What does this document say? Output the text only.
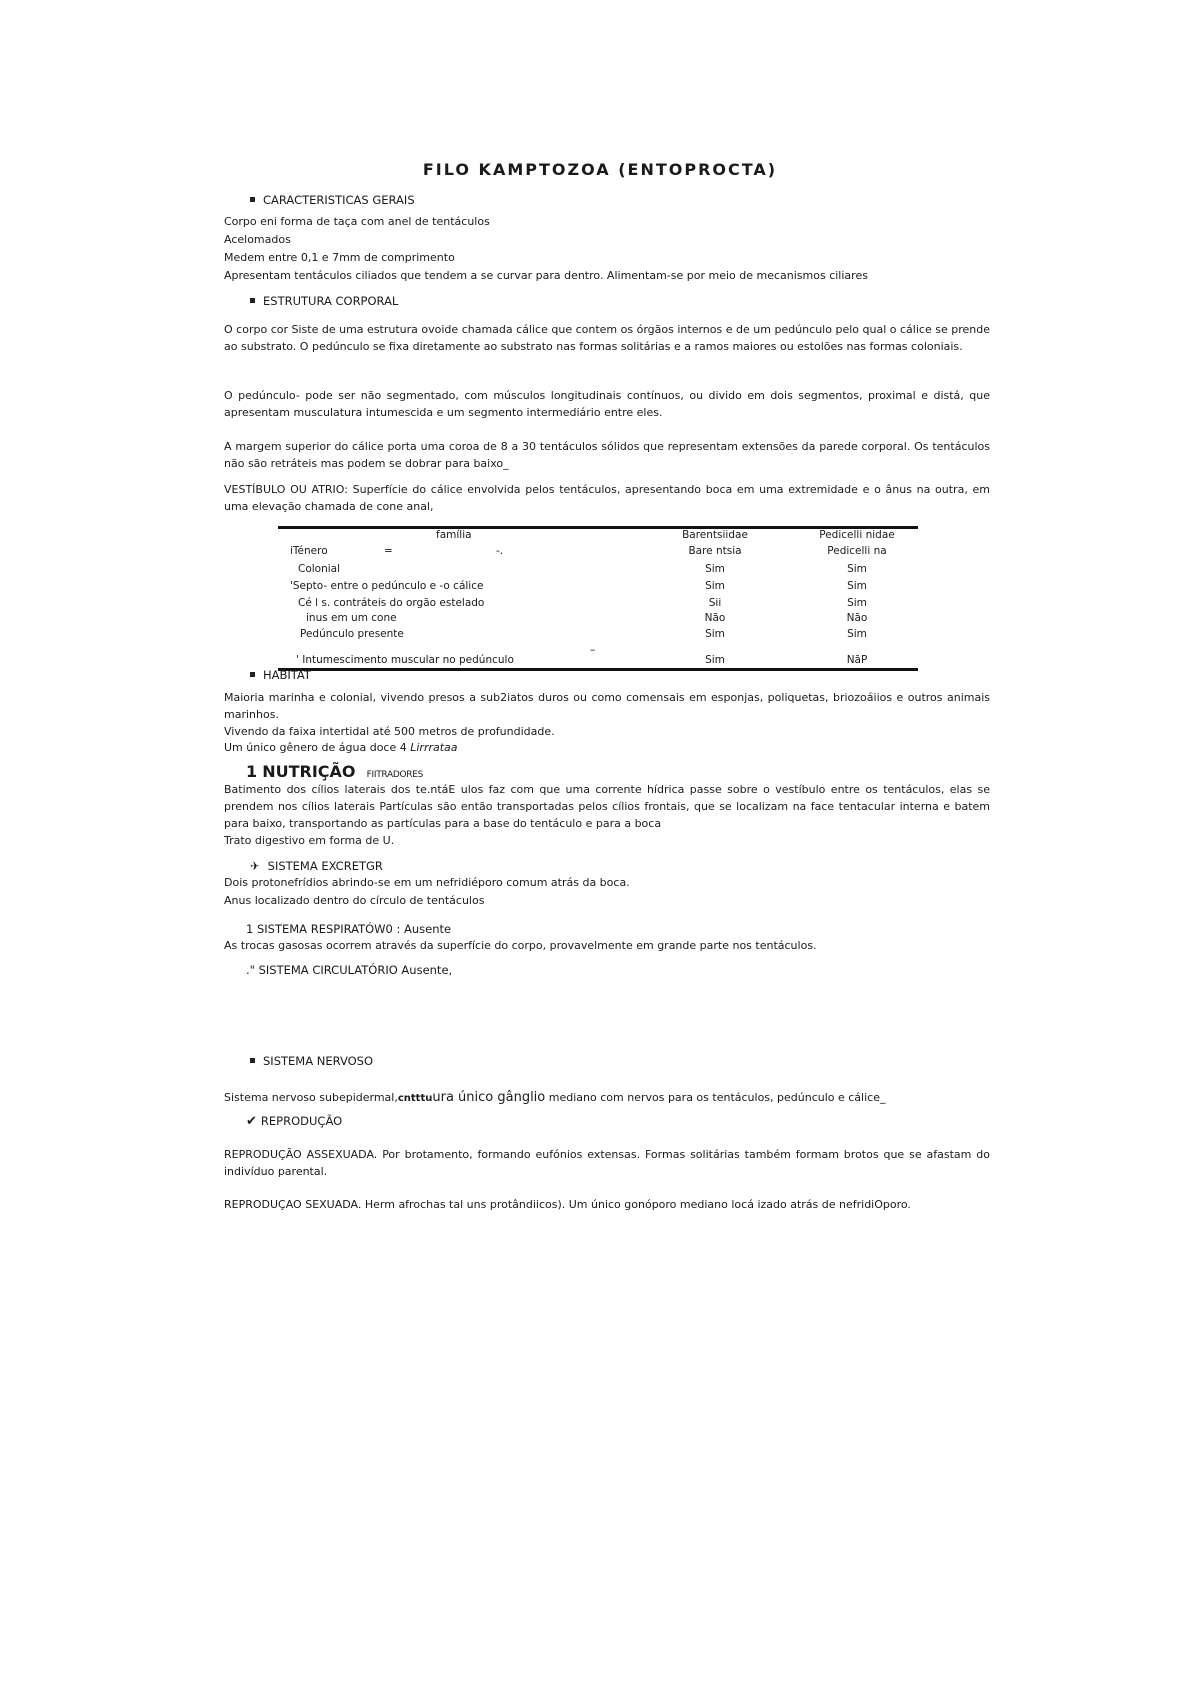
FILO KAMPTOZOA (ENTOPROCTA)
CARACTERISTICAS GERAIS
Corpo eni forma de taça com anel de tentáculos
Acelomados
Medem entre 0,1 e 7mm de comprimento
Apresentam tentáculos ciliados que tendem a se curvar para dentro. Alimentam-se por meio de mecanismos ciliares
ESTRUTURA CORPORAL
O corpo cor Siste de uma estrutura ovoide chamada cálice que contem os órgãos internos e de um pedúnculo pelo qual o cálice se prende ao substrato. O pedúnculo se fixa diretamente ao substrato nas formas solitárias e a ramos maiores ou estolões nas formas coloniais.
O pedúnculo- pode ser não segmentado, com músculos longitudinais contínuos, ou divido em dois segmentos, proximal e distá, que apresentam musculatura intumescida e um segmento intermediário entre eles.
A margem superior do cálice porta uma coroa de 8 a 30 tentáculos sólidos que representam extensões da parede corporal. Os tentáculos não são retráteis mas podem se dobrar para baixo_
VESTÍBULO OU ATRIO: Superfície do cálice envolvida pelos tentáculos, apresentando boca em uma extremidade e o ânus na outra, em uma elevação chamada de cone anal,
família	Barentsiidae	Pedicelli nidae
iTénero	=	-.	Bare ntsia	Pedicelli na
Colonial	Sim	Sim
'Septo- entre o pedúnculo e -o cálice	Sim	Sim
Cé l s. contráteis do orgão estelado	Sii	Sim
inus em um cone	Não	Não
Pedúnculo presente	Sim	Sim
–
' Intumescimento muscular no pedúnculo	Sim	NãP
HABITAT
Maioria marinha e colonial, vivendo presos a sub2iatos duros ou como comensais em esponjas, poliquetas, briozoáiios e outros animais marinhos.
Vivendo da faixa intertidal até 500 metros de profundidade.
Um único gênero de água doce 4 Lirrrataa
1 NUTRIÇÃO FIITRADORES
Batimento dos cílios laterais dos te.ntáE ulos faz com que uma corrente hídrica passe sobre o vestíbulo entre os tentáculos, elas se prendem nos cílios laterais Partículas são então transportadas pelos cílios frontais, que se localizam na face tentacular interna e batem para baixo, transportando as partículas para a base do tentáculo e para a boca
Trato digestivo em forma de U.
✈ SISTEMA EXCRETGR
Dois protonefrídios abrindo-se em um nefridiéporo comum atrás da boca.
Anus localizado dentro do círculo de tentáculos
1 SISTEMA RESPIRATÓW0 : Ausente
As trocas gasosas ocorrem através da superfície do corpo, provavelmente em grande parte nos tentáculos.
." SISTEMA CIRCULATÓRIO Ausente,
SISTEMA NERVOSO
Sistema nervoso subepidermal,cntttuura único gânglio mediano com nervos para os tentáculos, pedúnculo e cálice_
✔ REPRODUÇÃO
REPRODUÇÃO ASSEXUADA. Por brotamento, formando eufónios extensas. Formas solitárias também formam brotos que se afastam do indivíduo parental.
REPRODUÇAO SEXUADA. Herm afrochas tal uns protândiicos). Um único gonóporo mediano locá izado atrás de nefridiOporo.
